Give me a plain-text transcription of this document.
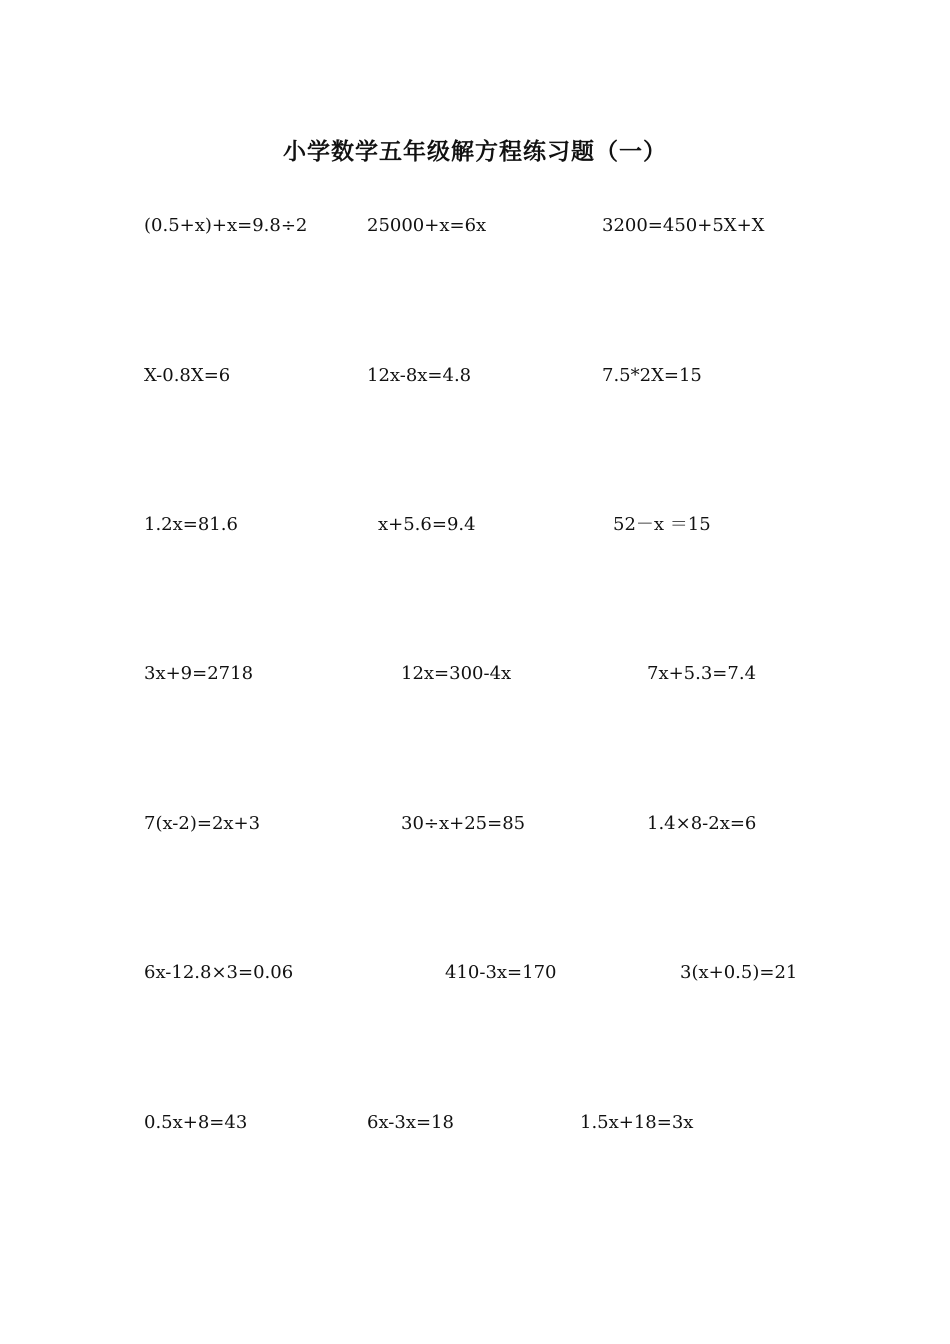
小学数学五年级解方程练习题（一）
(0.5+x)+x=9.8÷2	25000+x=6x	3200=450+5X+X
X-0.8X=6	12x-8x=4.8	7.5*2X=15
1.2x=81.6	x+5.6=9.4	52－x ＝15
3x+9=2718	12x=300-4x	7x+5.3=7.4
7(x-2)=2x+3	30÷x+25=85	1.4×8-2x=6
6x-12.8×3=0.06	410-3x=170	3(x+0.5)=21
0.5x+8=43	6x-3x=18	1.5x+18=3x
